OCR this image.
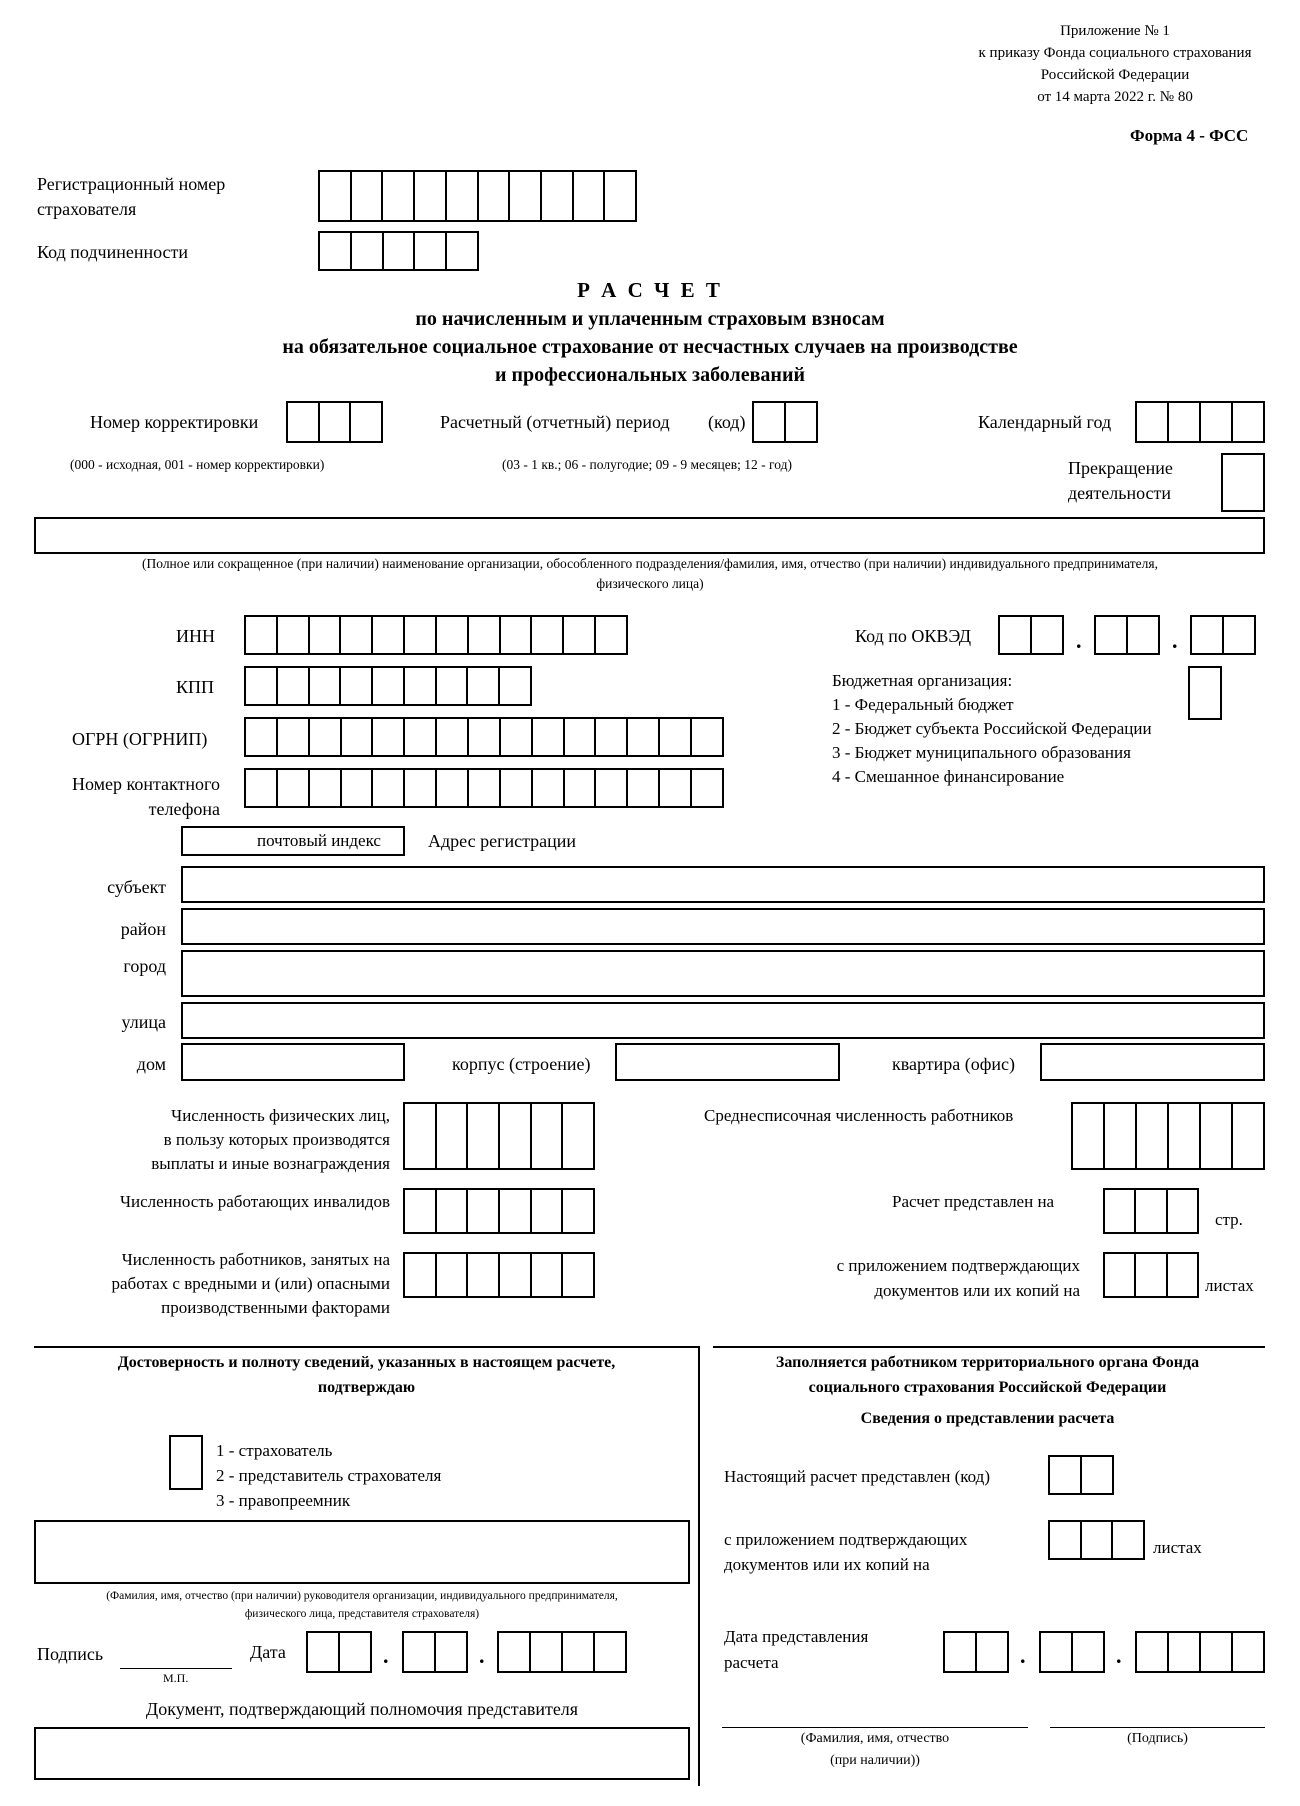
Приложение № 1
к приказу Фонда социального страхования
Российской Федерации
от 14 марта 2022 г. № 80
Форма 4 - ФСС
Регистрационный номер
страхователя
Код подчиненности
Р А С Ч Е Т
по начисленным и уплаченным страховым взносам
на обязательное социальное страхование от несчастных случаев на производстве
и профессиональных заболеваний
Номер корректировки
(000 - исходная, 001 - номер корректировки)
Расчетный (отчетный) период (код)
(03 - 1 кв.; 06 - полугодие; 09 - 9 месяцев; 12 - год)
Календарный год
Прекращение
деятельности
(Полное или сокращенное (при наличии) наименование организации, обособленного подразделения/фамилия, имя, отчество (при наличии) индивидуального предпринимателя,
физического лица)
ИНН
КПП
ОГРН (ОГРНИП)
Номер контактного
телефона
Код по ОКВЭД	.	.
Бюджетная организация:
1 - Федеральный бюджет
2 - Бюджет субъекта Российской Федерации
3 - Бюджет муниципального образования
4 - Смешанное финансирование
почтовый индекс	Адрес регистрации
субъект
район
город
улица
дом	корпус (строение)	квартира (офис)
Численность физических лиц,
в пользу которых производятся
выплаты и иные вознаграждения
Численность работающих инвалидов
Численность работников, занятых на
работах с вредными и (или) опасными
производственными факторами
Среднесписочная численность работников
Расчет представлен на
стр.
с приложением подтверждающих
документов или их копий на	листах
Достоверность и полноту сведений, указанных в настоящем расчете,
подтверждаю
1 - страхователь
2 - представитель страхователя
3 - правопреемник
(Фамилия, имя, отчество (при наличии) руководителя организации, индивидуального предпринимателя,
физического лица, представителя страхователя)
Подпись
М.П.
Дата	.	.
Документ, подтверждающий полномочия представителя
Заполняется работником территориального органа Фонда
социального страхования Российской Федерации
Сведения о представлении расчета
Настоящий расчет представлен (код)
с приложением подтверждающих
документов или их копий на
листах
Дата представления
расчета	.	.
(Фамилия, имя, отчество
(при наличии))
(Подпись)
